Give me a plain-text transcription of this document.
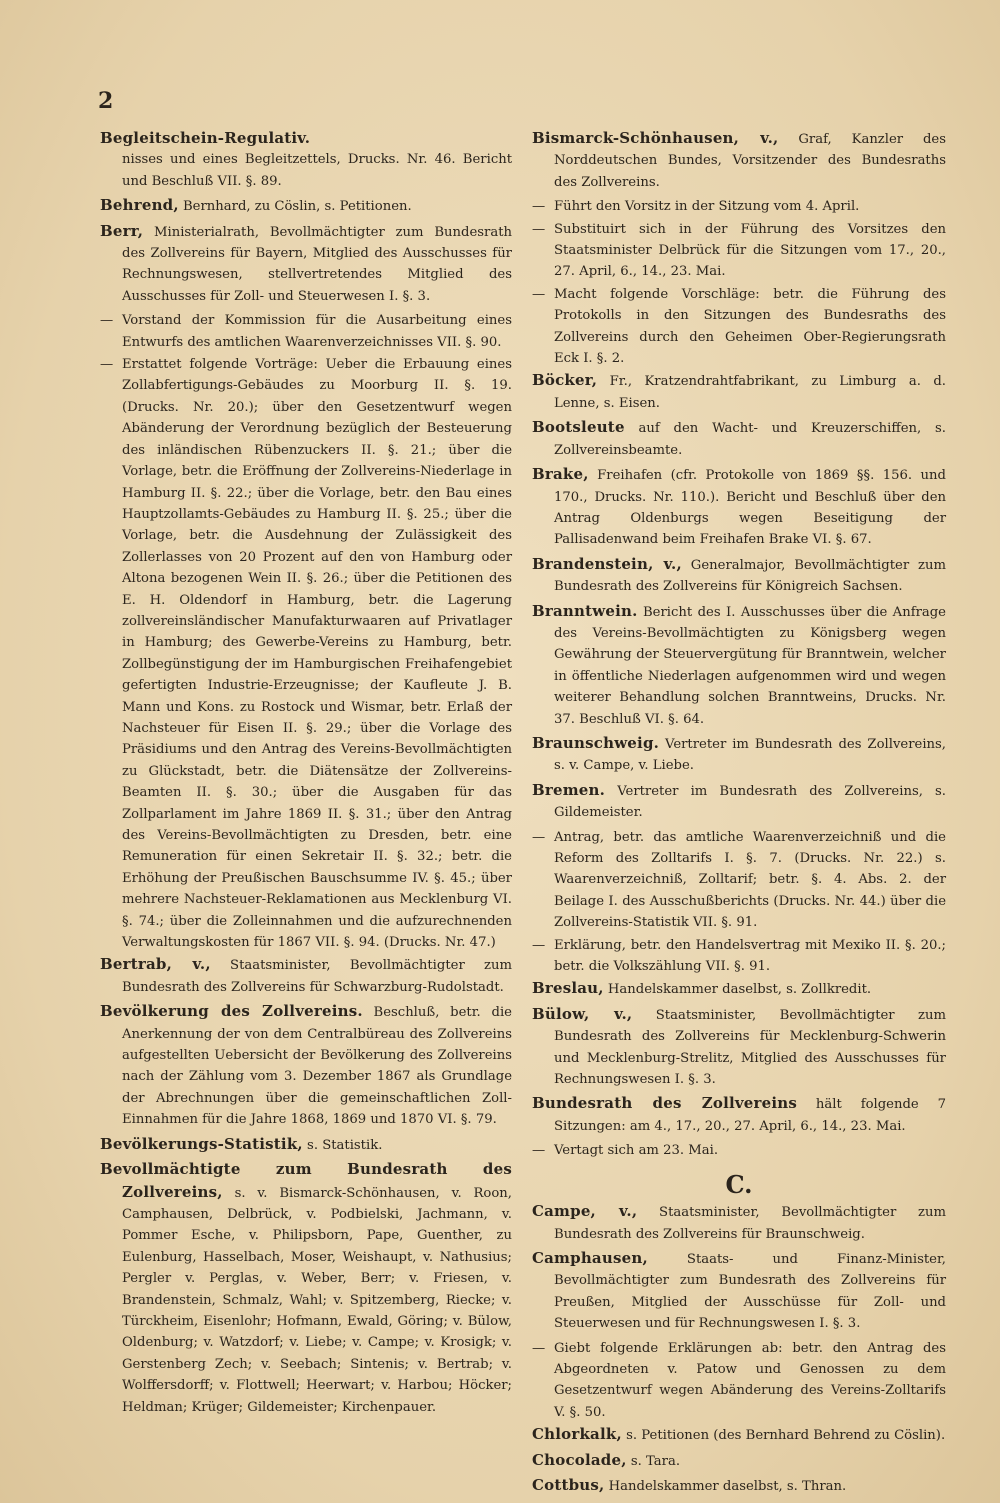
2
Begleitschein-Regulativ.
nisses und eines Begleitzettels, Drucks. Nr. 46. Bericht und Beschluß VII. §. 89.
Behrend, Bernhard, zu Cöslin, s. Petitionen.
Berr, Ministerialrath, Bevollmächtigter zum Bundesrath des Zollvereins für Bayern, Mitglied des Ausschusses für Rechnungswesen, stellvertretendes Mitglied des Ausschusses für Zoll- und Steuerwesen I. §. 3.
— Vorstand der Kommission für die Ausarbeitung eines Entwurfs des amtlichen Waarenverzeichnisses VII. §. 90.
— Erstattet folgende Vorträge: Ueber die Erbauung eines Zollabfertigungs-Gebäudes zu Moorburg II. §. 19. (Drucks. Nr. 20.); über den Gesetzentwurf wegen Abänderung der Verordnung bezüglich der Besteuerung des inländischen Rübenzuckers II. §. 21.; über die Vorlage, betr. die Eröffnung der Zollvereins-Niederlage in Hamburg II. §. 22.; über die Vorlage, betr. den Bau eines Hauptzollamts-Gebäudes zu Hamburg II. §. 25.; über die Vorlage, betr. die Ausdehnung der Zulässigkeit des Zollerlasses von 20 Prozent auf den von Hamburg oder Altona bezogenen Wein II. §. 26.; über die Petitionen des E. H. Oldendorf in Hamburg, betr. die Lagerung zollvereinsländischer Manufakturwaaren auf Privatlager in Hamburg; des Gewerbe-Vereins zu Hamburg, betr. Zollbegünstigung der im Hamburgischen Freihafengebiet gefertigten Industrie-Erzeugnisse; der Kaufleute J. B. Mann und Kons. zu Rostock und Wismar, betr. Erlaß der Nachsteuer für Eisen II. §. 29.; über die Vorlage des Präsidiums und den Antrag des Vereins-Bevollmächtigten zu Glückstadt, betr. die Diätensätze der Zollvereins-Beamten II. §. 30.; über die Ausgaben für das Zollparlament im Jahre 1869 II. §. 31.; über den Antrag des Vereins-Bevollmächtigten zu Dresden, betr. eine Remuneration für einen Sekretair II. §. 32.; betr. die Erhöhung der Preußischen Bauschsumme IV. §. 45.; über mehrere Nachsteuer-Reklamationen aus Mecklenburg VI. §. 74.; über die Zolleinnahmen und die aufzurechnenden Verwaltungskosten für 1867 VII. §. 94. (Drucks. Nr. 47.)
Bertrab, v., Staatsminister, Bevollmächtigter zum Bundesrath des Zollvereins für Schwarzburg-Rudolstadt.
Bevölkerung des Zollvereins. Beschluß, betr. die Anerkennung der von dem Centralbüreau des Zollvereins aufgestellten Uebersicht der Bevölkerung des Zollvereins nach der Zählung vom 3. Dezember 1867 als Grundlage der Abrechnungen über die gemeinschaftlichen Zoll-Einnahmen für die Jahre 1868, 1869 und 1870 VI. §. 79.
Bevölkerungs-Statistik, s. Statistik.
Bevollmächtigte zum Bundesrath des Zollvereins, s. v. Bismarck-Schönhausen, v. Roon, Camphausen, Delbrück, v. Podbielski, Jachmann, v. Pommer Esche, v. Philipsborn, Pape, Guenther, zu Eulenburg, Hasselbach, Moser, Weishaupt, v. Nathusius; Pergler v. Perglas, v. Weber, Berr; v. Friesen, v. Brandenstein, Schmalz, Wahl; v. Spitzemberg, Riecke; v. Türckheim, Eisenlohr; Hofmann, Ewald, Göring; v. Bülow, Oldenburg; v. Watzdorf; v. Liebe; v. Campe; v. Krosigk; v. Gerstenberg Zech; v. Seebach; Sintenis; v. Bertrab; v. Wolffersdorff; v. Flottwell; Heerwart; v. Harbou; Höcker; Heldman; Krüger; Gildemeister; Kirchenpauer.
Bismarck-Schönhausen, v., Graf, Kanzler des Norddeutschen Bundes, Vorsitzender des Bundesraths des Zollvereins.
— Führt den Vorsitz in der Sitzung vom 4. April.
— Substituirt sich in der Führung des Vorsitzes den Staatsminister Delbrück für die Sitzungen vom 17., 20., 27. April, 6., 14., 23. Mai.
— Macht folgende Vorschläge: betr. die Führung des Protokolls in den Sitzungen des Bundesraths des Zollvereins durch den Geheimen Ober-Regierungsrath Eck I. §. 2.
Böcker, Fr., Kratzendrahtfabrikant, zu Limburg a. d. Lenne, s. Eisen.
Bootsleute auf den Wacht- und Kreuzerschiffen, s. Zollvereinsbeamte.
Brake, Freihafen (cfr. Protokolle von 1869 §§. 156. und 170., Drucks. Nr. 110.). Bericht und Beschluß über den Antrag Oldenburgs wegen Beseitigung der Pallisadenwand beim Freihafen Brake VI. §. 67.
Brandenstein, v., Generalmajor, Bevollmächtigter zum Bundesrath des Zollvereins für Königreich Sachsen.
Branntwein. Bericht des I. Ausschusses über die Anfrage des Vereins-Bevollmächtigten zu Königsberg wegen Gewährung der Steuervergütung für Branntwein, welcher in öffentliche Niederlagen aufgenommen wird und wegen weiterer Behandlung solchen Branntweins, Drucks. Nr. 37. Beschluß VI. §. 64.
Braunschweig. Vertreter im Bundesrath des Zollvereins, s. v. Campe, v. Liebe.
Bremen. Vertreter im Bundesrath des Zollvereins, s. Gildemeister.
— Antrag, betr. das amtliche Waarenverzeichniß und die Reform des Zolltarifs I. §. 7. (Drucks. Nr. 22.) s. Waarenverzeichniß, Zolltarif; betr. §. 4. Abs. 2. der Beilage I. des Ausschußberichts (Drucks. Nr. 44.) über die Zollvereins-Statistik VII. §. 91.
— Erklärung, betr. den Handelsvertrag mit Mexiko II. §. 20.; betr. die Volkszählung VII. §. 91.
Breslau, Handelskammer daselbst, s. Zollkredit.
Bülow, v., Staatsminister, Bevollmächtigter zum Bundesrath des Zollvereins für Mecklenburg-Schwerin und Mecklenburg-Strelitz, Mitglied des Ausschusses für Rechnungswesen I. §. 3.
Bundesrath des Zollvereins hält folgende 7 Sitzungen: am 4., 17., 20., 27. April, 6., 14., 23. Mai.
— Vertagt sich am 23. Mai.
C.
Campe, v., Staatsminister, Bevollmächtigter zum Bundesrath des Zollvereins für Braunschweig.
Camphausen, Staats- und Finanz-Minister, Bevollmächtigter zum Bundesrath des Zollvereins für Preußen, Mitglied der Ausschüsse für Zoll- und Steuerwesen und für Rechnungswesen I. §. 3.
— Giebt folgende Erklärungen ab: betr. den Antrag des Abgeordneten v. Patow und Genossen zu dem Gesetzentwurf wegen Abänderung des Vereins-Zolltarifs V. §. 50.
Chlorkalk, s. Petitionen (des Bernhard Behrend zu Cöslin).
Chocolade, s. Tara.
Cottbus, Handelskammer daselbst, s. Thran.
